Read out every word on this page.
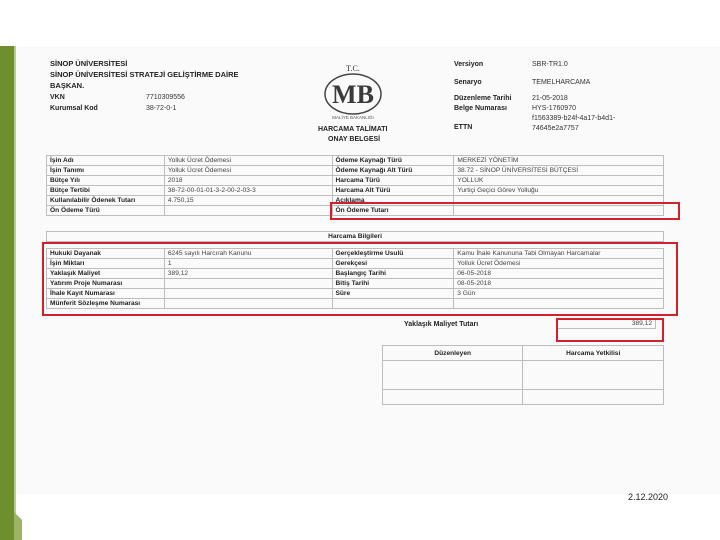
SİNOP ÜNİVERSİTESİ
SİNOP ÜNİVERSİTESİ STRATEJİ GELİŞTİRME DAİRE
BAŞKAN.
VKN	7710309556
Kurumsal Kod	38-72-0-1
T.C.
MB
MALİYE BAKANLIĞI
HARCAMA TALİMATI
ONAY BELGESİ
Versiyon	SBR-TR1.0
Senaryo	TEMELHARCAMA
Düzenleme Tarihi	21-05-2018
Belge Numarası	HYS-1760970
ETTN
f1563389-b24f-4a17-b4d1-74645e2a7757
İşin Adı	Yolluk Ücret Ödemesi	Ödeme Kaynağı Türü	MERKEZİ YÖNETİM
İşin Tanımı	Yolluk Ücret Ödemesi	Ödeme Kaynağı Alt Türü	38.72 - SİNOP ÜNİVERSİTESİ BÜTÇESİ
Bütçe Yılı	2018	Harcama Türü	YOLLUK
Bütçe Tertibi	38-72-00-01-01-3-2-00-2-03-3	Harcama Alt Türü	Yurtiçi Geçici Görev Yolluğu
Kullanılabilir Ödenek Tutarı	4.750,15	Açıklama	
Ön Ödeme Türü		Ön Ödeme Tutarı	
Harcama Bilgileri
Hukuki Dayanak	6245 sayılı Harcırah Kanunu	Gerçekleştirme Usulü	Kamu İhale Kanununa Tabi Olmayan Harcamalar
İşin Miktarı	1	Gerekçesi	Yolluk Ücret Ödemesi
Yaklaşık Maliyet	389,12	Başlangıç Tarihi	06-05-2018
Yatırım Proje Numarası		Bitiş Tarihi	08-05-2018
İhale Kayıt Numarası		Süre	3 Gün
Münferit Sözleşme Numarası			
Yaklaşık Maliyet Tutarı	389,12
Düzenleyen	Harcama Yetkilisi

2.12.2020
